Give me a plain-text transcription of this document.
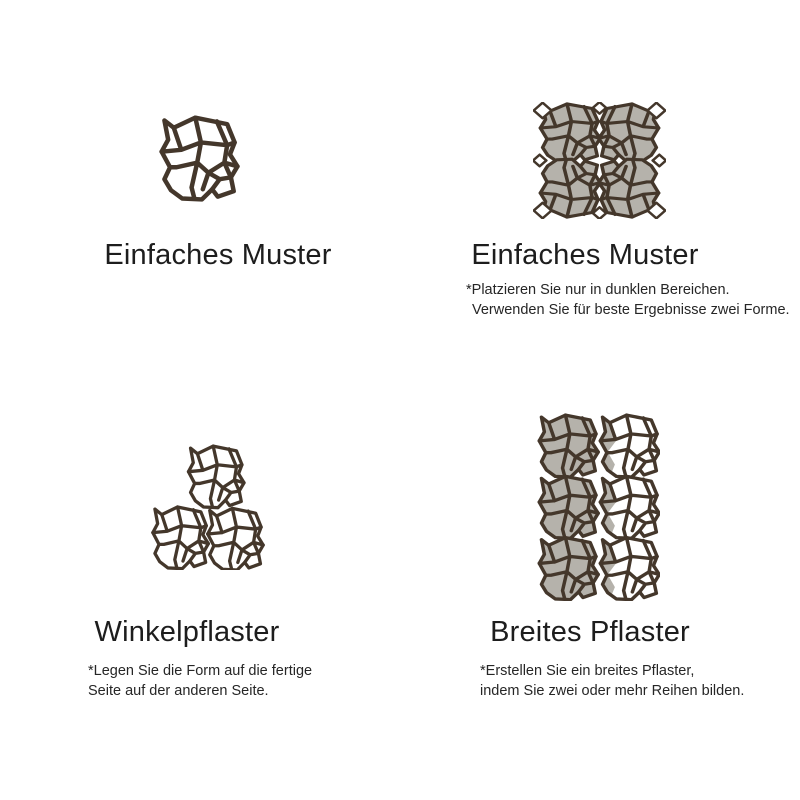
Einfaches Muster	Einfaches Muster
*Platzieren Sie nur in dunklen Bereichen.
Verwenden Sie für beste Ergebnisse zwei Forme.
Winkelpflaster
*Legen Sie die Form auf die fertige
Seite auf der anderen Seite.
Breites Pflaster
*Erstellen Sie ein breites Pflaster,
indem Sie zwei oder mehr Reihen bilden.
